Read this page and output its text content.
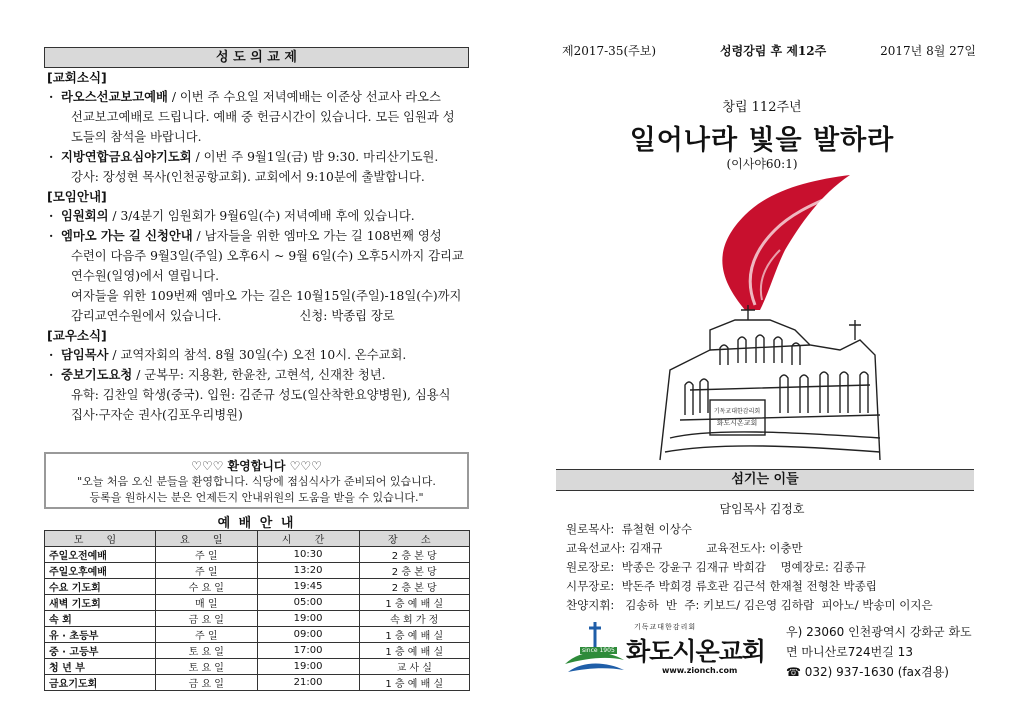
성 도 의 교 제
[교회소식]
· 라오스선교보고예배 / 이번 주 수요일 저녁예배는 이준상 선교사 라오스
선교보고예배로 드립니다. 예배 중 헌금시간이 있습니다. 모든 임원과 성
도들의 참석을 바랍니다.
· 지방연합금요심야기도회 / 이번 주 9월1일(금) 밤 9:30. 마리산기도원.
강사: 장성현 목사(인천공항교회). 교회에서 9:10분에 출발합니다.
[모임안내]
· 임원회의 / 3/4분기 임원회가 9월6일(수) 저녁예배 후에 있습니다.
· 엠마오 가는 길 신청안내 / 남자들을 위한 엠마오 가는 길 108번째 영성
수련이 다음주 9월3일(주일) 오후6시 ~ 9월 6일(수) 오후5시까지 감리교
연수원(일영)에서 열립니다.
여자들을 위한 109번째 엠마오 가는 길은 10월15일(주일)-18일(수)까지
감리교연수원에서 있습니다.                    신청: 박종립 장로
[교우소식]
· 담임목사 / 교역자회의 참석. 8월 30일(수) 오전 10시. 온수교회.
· 중보기도요청 / 군복무: 지용환, 한윤찬, 고현석, 신재찬 청년.
유학: 김찬일 학생(중국). 입원: 김준규 성도(일산착한요양병원), 심용식
집사·구자순 권사(김포우리병원)
♡♡♡ 환영합니다 ♡♡♡
"오늘 처음 오신 분들을 환영합니다. 식당에 점심식사가 준비되어 있습니다.
등록을 원하시는 분은 언제든지 안내위원의 도움을 받을 수 있습니다."
예 배 안 내
모 임	요 일	시 간	장 소
주일오전예배	주 일	10:30	2 층 본 당
주일오후예배	주 일	13:20	2 층 본 당
수요 기도회	수 요 일	19:45	2 층 본 당
새벽 기도회	매 일	05:00	1 층 예 배 실
속 회	금 요 일	19:00	속 회 가 정
유 · 초등부	주 일	09:00	1 층 예 배 실
중 · 고등부	토 요 일	17:00	1 층 예 배 실
청 년 부	토 요 일	19:00	교 사 실
금요기도회	금 요 일	21:00	1 층 예 배 실
제2017-35(주보)	성령강림 후 제12주	2017년 8월 27일
창립 112주년
일어나라 빛을 발하라
(이사야60:1)
기독교대한감리회
화도시온교회
섬기는 이들
담임목사 김정호
원로목사:  류철현 이상수
교육선교사: 김재규            교육전도사: 이충만
원로장로:  박종은 강윤구 김재규 박희감    명예장로: 김종규
시무장로:  박돈주 박희경 류호관 김근석 한재철 전형찬 박종립
찬양지휘:   김송하  반  주: 키보드/ 김은영 김하람  피아노/ 박송미 이지은
since 1905
기독교대한감리회
화도시온교회
www.zionch.com
우) 23060 인천광역시 강화군 화도
면 마니산로724번길 13
☎ 032) 937-1630 (fax겸용)
